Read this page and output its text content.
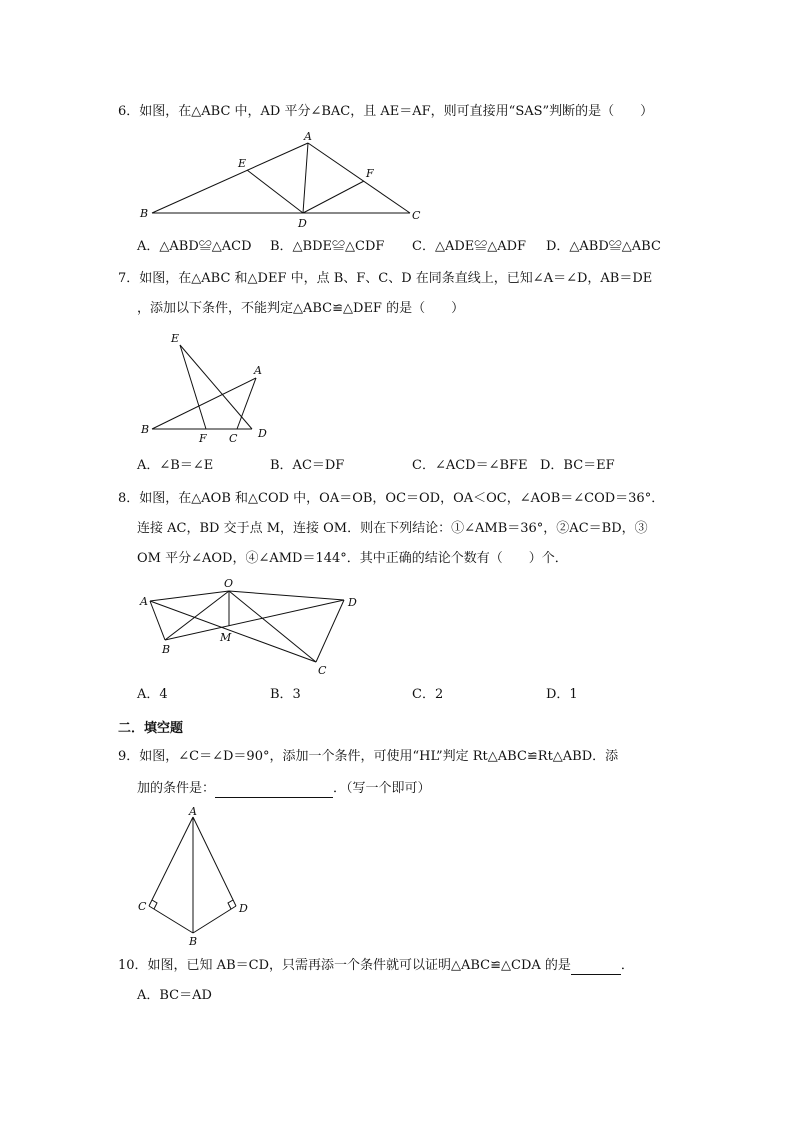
6．如图，在△ABC 中，AD 平分∠BAC，且 AE＝AF，则可直接用“SAS”判断的是（　　）
A
B	C
D
E
F
A．△ABD≌△ACD B．△BDE≌△CDF C．△ADE≌△ADF D．△ABD≌△ABC
7．如图，在△ABC 和△DEF 中，点 B、F、C、D 在同条直线上，已知∠A＝∠D，AB＝DE
，添加以下条件，不能判定△ABC≌△DEF 的是（　　）
E
A
B
F C D
A．∠B＝∠E	B．AC＝DF	C．∠ACD＝∠BFE D．BC＝EF
8．如图，在△AOB 和△COD 中，OA＝OB，OC＝OD，OA＜OC，∠AOB＝∠COD＝36°．
连接 AC，BD 交于点 M，连接 OM．则在下列结论：①∠AMB＝36°，②AC＝BD，③
OM 平分∠AOD，④∠AMD＝144°．其中正确的结论个数有（　　）个．
O
A	D
B
M
C
A．4	B．3	C．2	D．1
二．填空题
9．如图，∠C＝∠D＝90°，添加一个条件，可使用“HL”判定 Rt△ABC≌Rt△ABD．添
加的条件是：	．（写一个即可）
A
C	D
B
10．如图，已知 AB＝CD，只需再添一个条件就可以证明△ABC≌△CDA 的是	．
A．BC＝AD
